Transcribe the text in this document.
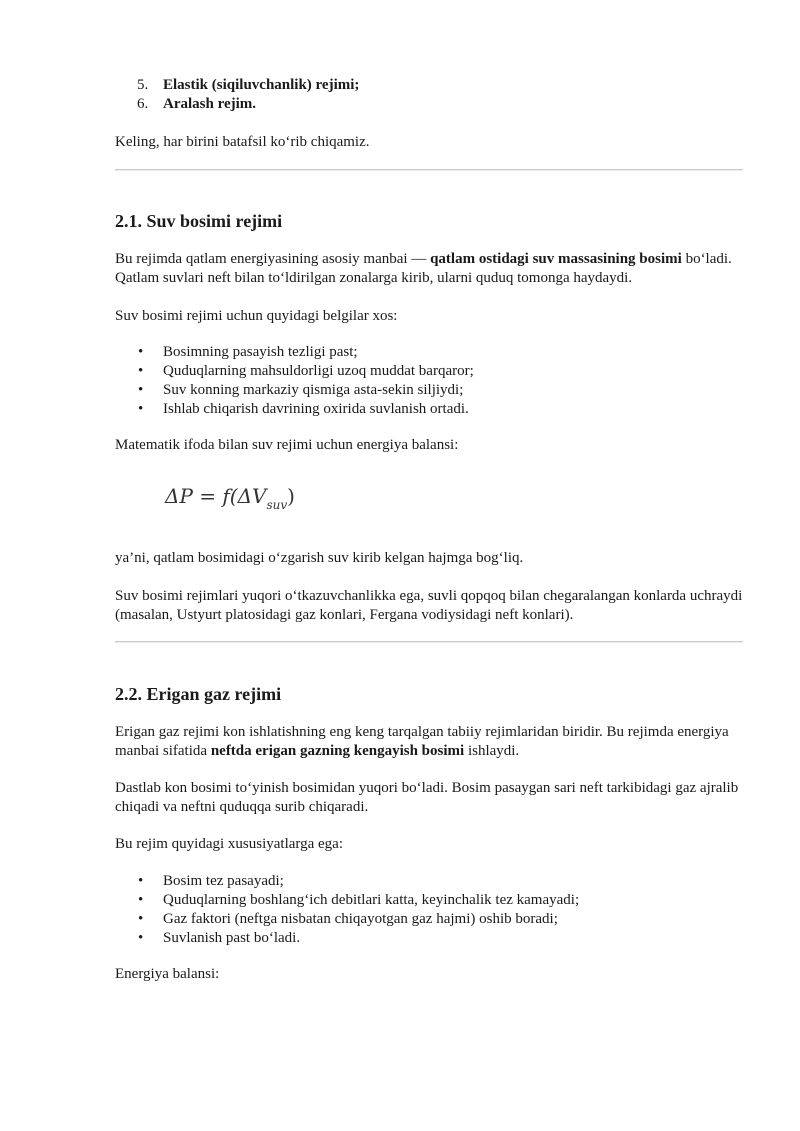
5. Elastik (siqiluvchanlik) rejimi;
6. Aralash rejim.

Keling, har birini batafsil koʻrib chiqamiz.

2.1. Suv bosimi rejimi

Bu rejimda qatlam energiyasining asosiy manbai — qatlam ostidagi suv massasining bosimi boʻladi. Qatlam suvlari neft bilan toʻldirilgan zonalarga kirib, ularni quduq tomonga haydaydi.

Suv bosimi rejimi uchun quyidagi belgilar xos:

• Bosimning pasayish tezligi past;
• Quduqlarning mahsuldorligi uzoq muddat barqaror;
• Suv konning markaziy qismiga asta-sekin siljiydi;
• Ishlab chiqarish davrining oxirida suvlanish ortadi.

Matematik ifoda bilan suv rejimi uchun energiya balansi:

$\Delta P = f(\Delta V_{suv})$

ya’ni, qatlam bosimidagi oʻzgarish suv kirib kelgan hajmga bogʻliq.

Suv bosimi rejimlari yuqori oʻtkazuvchanlikka ega, suvli qopqoq bilan chegaralangan konlarda uchraydi (masalan, Ustyurt platosidagi gaz konlari, Fergana vodiysidagi neft konlari).

2.2. Erigan gaz rejimi

Erigan gaz rejimi kon ishlatishning eng keng tarqalgan tabiiy rejimlaridan biridir. Bu rejimda energiya manbai sifatida neftda erigan gazning kengayish bosimi ishlaydi.

Dastlab kon bosimi toʻyinish bosimidan yuqori boʻladi. Bosim pasaygan sari neft tarkibidagi gaz ajralib chiqadi va neftni quduqqa surib chiqaradi.

Bu rejim quyidagi xususiyatlarga ega:

• Bosim tez pasayadi;
• Quduqlarning boshlangʻich debitlari katta, keyinchalik tez kamayadi;
• Gaz faktori (neftga nisbatan chiqayotgan gaz hajmi) oshib boradi;
• Suvlanish past boʻladi.

Energiya balansi:
